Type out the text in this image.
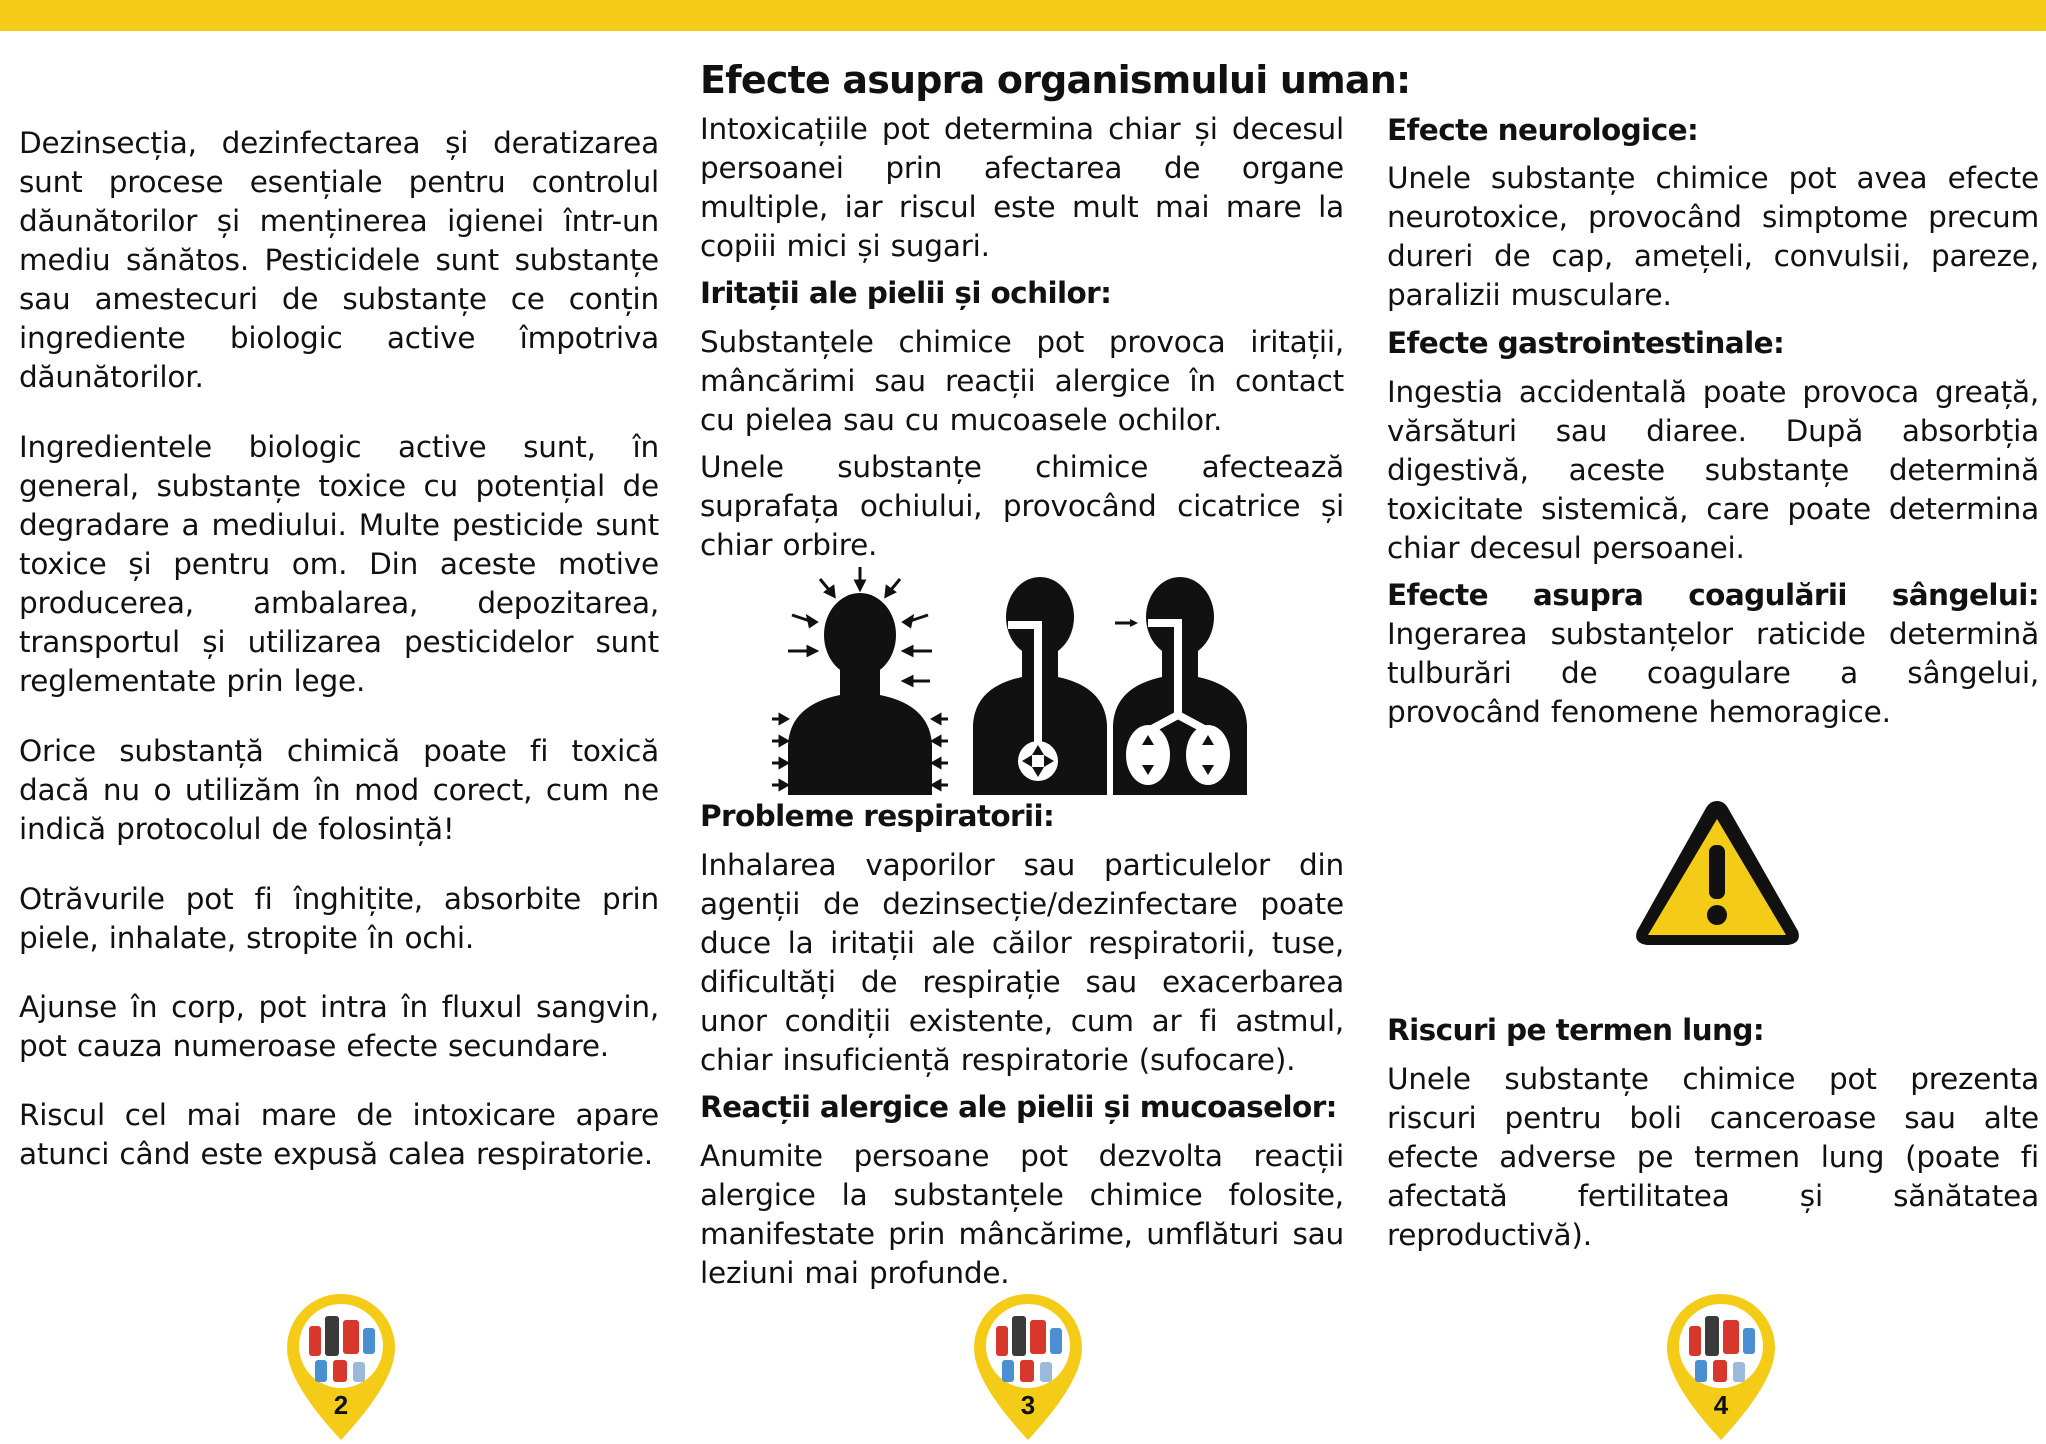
Dezinsecția, dezinfectarea și deratizarea sunt procese esențiale pentru controlul dăunătorilor și menținerea igienei într-un mediu sănătos. Pesticidele sunt substanțe sau amestecuri de substanțe ce conțin ingrediente biologic active împotriva dăunătorilor.

Ingredientele biologic active sunt, în general, substanțe toxice cu potențial de degradare a mediului. Multe pesticide sunt toxice și pentru om. Din aceste motive producerea, ambalarea, depozitarea, transportul și utilizarea pesticidelor sunt reglementate prin lege.

Orice substanță chimică poate fi toxică dacă nu o utilizăm în mod corect, cum ne indică protocolul de folosință!

Otrăvurile pot fi înghițite, absorbite prin piele, inhalate, stropite în ochi.

Ajunse în corp, pot intra în fluxul sangvin, pot cauza numeroase efecte secundare.

Riscul cel mai mare de intoxicare apare atunci când este expusă calea respiratorie.

Efecte asupra organismului uman:

Intoxicațiile pot determina chiar și decesul persoanei prin afectarea de organe multiple, iar riscul este mult mai mare la copiii mici și sugari.

Iritații ale pielii și ochilor:

Substanțele chimice pot provoca iritații, mâncărimi sau reacții alergice în contact cu pielea sau cu mucoasele ochilor.

Unele substanțe chimice afectează suprafața ochiului, provocând cicatrice și chiar orbire.

Probleme respiratorii:

Inhalarea vaporilor sau particulelor din agenții de dezinsecție/dezinfectare poate duce la iritații ale căilor respiratorii, tuse, dificultăți de respirație sau exacerbarea unor condiții existente, cum ar fi astmul, chiar insuficiență respiratorie (sufocare).

Reacții alergice ale pielii și mucoaselor:

Anumite persoane pot dezvolta reacții alergice la substanțele chimice folosite, manifestate prin mâncărime, umflături sau leziuni mai profunde.

Efecte neurologice:

Unele substanțe chimice pot avea efecte neurotoxice, provocând simptome precum dureri de cap, amețeli, convulsii, pareze, paralizii musculare.

Efecte gastrointestinale:

Ingestia accidentală poate provoca greață, vărsături sau diaree. După absorbția digestivă, aceste substanțe determină toxicitate sistemică, care poate determina chiar decesul persoanei.

Efecte asupra coagulării sângelui:

Ingerarea substanțelor raticide determină tulburări de coagulare a sângelui, provocând fenomene hemoragice.

Riscuri pe termen lung:

Unele substanțe chimice pot prezenta riscuri pentru boli canceroase sau alte efecte adverse pe termen lung (poate fi afectată fertilitatea și sănătatea reproductivă).

2	3	4
